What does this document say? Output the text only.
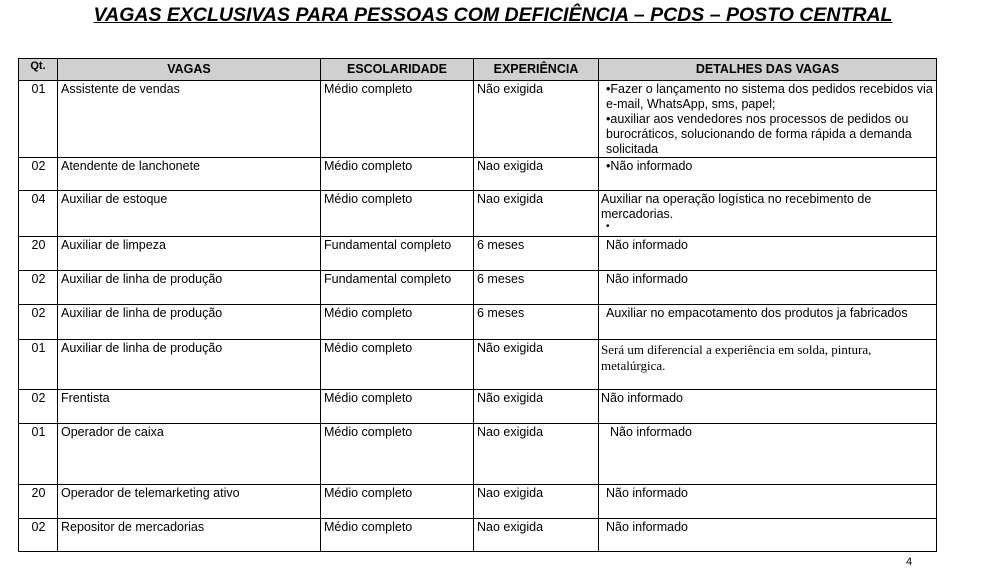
VAGAS EXCLUSIVAS PARA PESSOAS COM DEFICIÊNCIA – PCDS – POSTO CENTRAL
Qt.	VAGAS	ESCOLARIDADE	EXPERIÊNCIA	DETALHES DAS VAGAS
01	Assistente de vendas	Médio completo	Não exigida	•Fazer o lançamento no sistema dos pedidos recebidos via e-mail, WhatsApp, sms, papel;
•auxiliar aos vendedores nos processos de pedidos ou burocráticos, solucionando de forma rápida a demanda solicitada

02	Atendente de lanchonete	Médio completo	Nao exigida	•Não informado

04	Auxiliar de estoque	Médio completo	Nao exigida	Auxiliar na operação logística no recebimento de mercadorias.
•

20	Auxiliar de limpeza	Fundamental completo	6 meses	Não informado

02	Auxiliar de linha de produção	Fundamental completo	6 meses	Não informado

02	Auxiliar de linha de produção	Médio completo	6 meses	Auxiliar no empacotamento dos produtos ja fabricados

01	Auxiliar de linha de produção	Médio completo	Não exigida	Será um diferencial a experiência em solda, pintura, metalúrgica.

02	Frentista	Médio completo	Não exigida	Não informado

01	Operador de caixa	Médio completo	Nao exigida	Não informado

20	Operador de telemarketing ativo	Médio completo	Nao exigida	Não informado

02	Repositor de mercadorias	Médio completo	Nao exigida	Não informado
4
